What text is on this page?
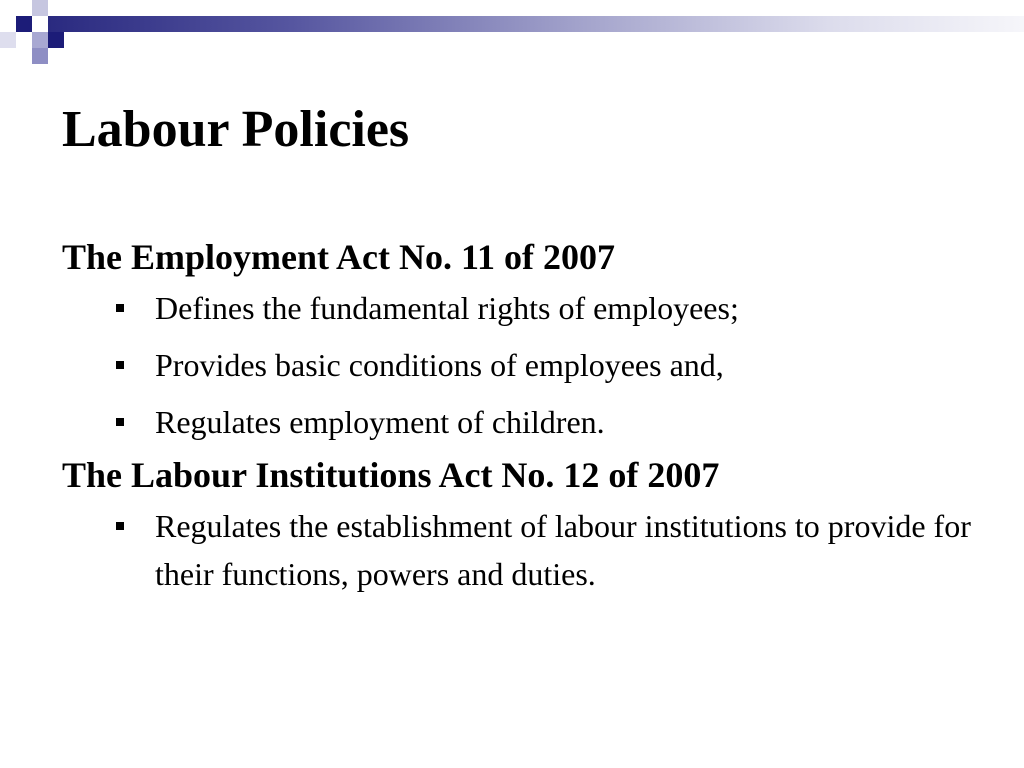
Labour Policies
The Employment Act No. 11 of 2007
Defines the fundamental rights of employees;
Provides basic conditions of employees and,
Regulates employment of children.
The Labour Institutions Act No. 12 of 2007
Regulates the establishment of labour institutions to provide for their functions, powers and duties.
